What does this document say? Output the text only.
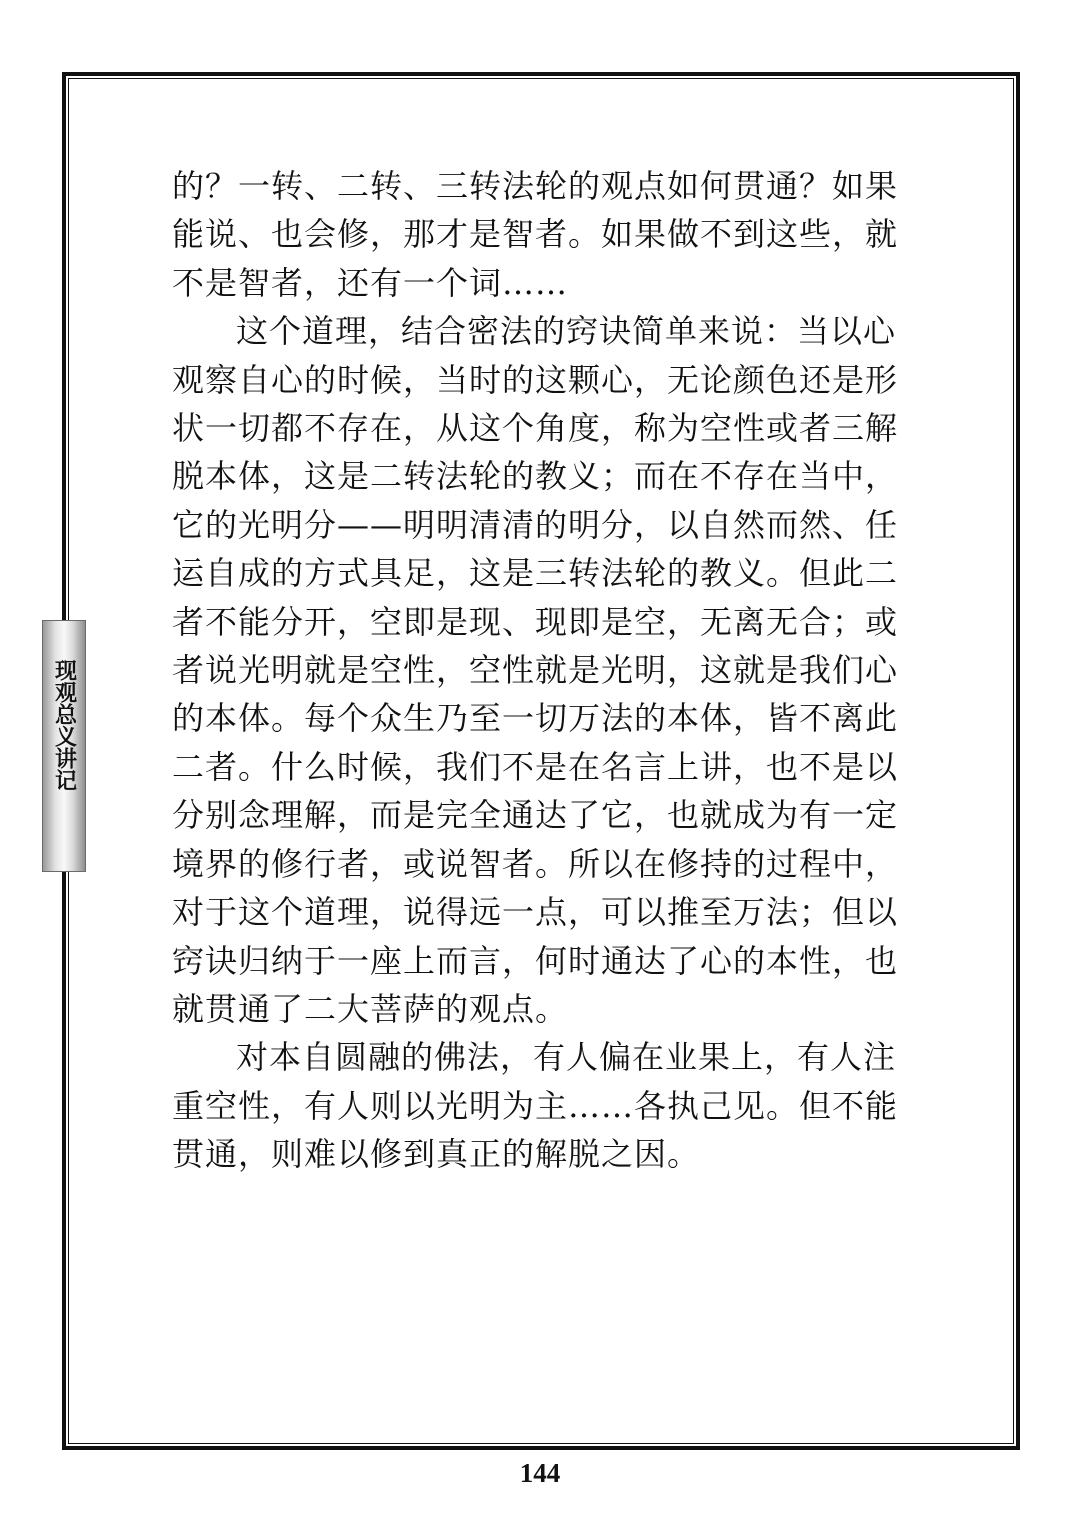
现观总义讲记

的？一转、二转、三转法轮的观点如何贯通？如果能说、也会修，那才是智者。如果做不到这些，就不是智者，还有一个词……

这个道理，结合密法的窍诀简单来说：当以心观察自心的时候，当时的这颗心，无论颜色还是形状一切都不存在，从这个角度，称为空性或者三解脱本体，这是二转法轮的教义；而在不存在当中，它的光明分——明明清清的明分，以自然而然、任运自成的方式具足，这是三转法轮的教义。但此二者不能分开，空即是现、现即是空，无离无合；或者说光明就是空性，空性就是光明，这就是我们心的本体。每个众生乃至一切万法的本体，皆不离此二者。什么时候，我们不是在名言上讲，也不是以分别念理解，而是完全通达了它，也就成为有一定境界的修行者，或说智者。所以在修持的过程中，对于这个道理，说得远一点，可以推至万法；但以窍诀归纳于一座上而言，何时通达了心的本性，也就贯通了二大菩萨的观点。

对本自圆融的佛法，有人偏在业果上，有人注重空性，有人则以光明为主……各执己见。但不能贯通，则难以修到真正的解脱之因。

144
